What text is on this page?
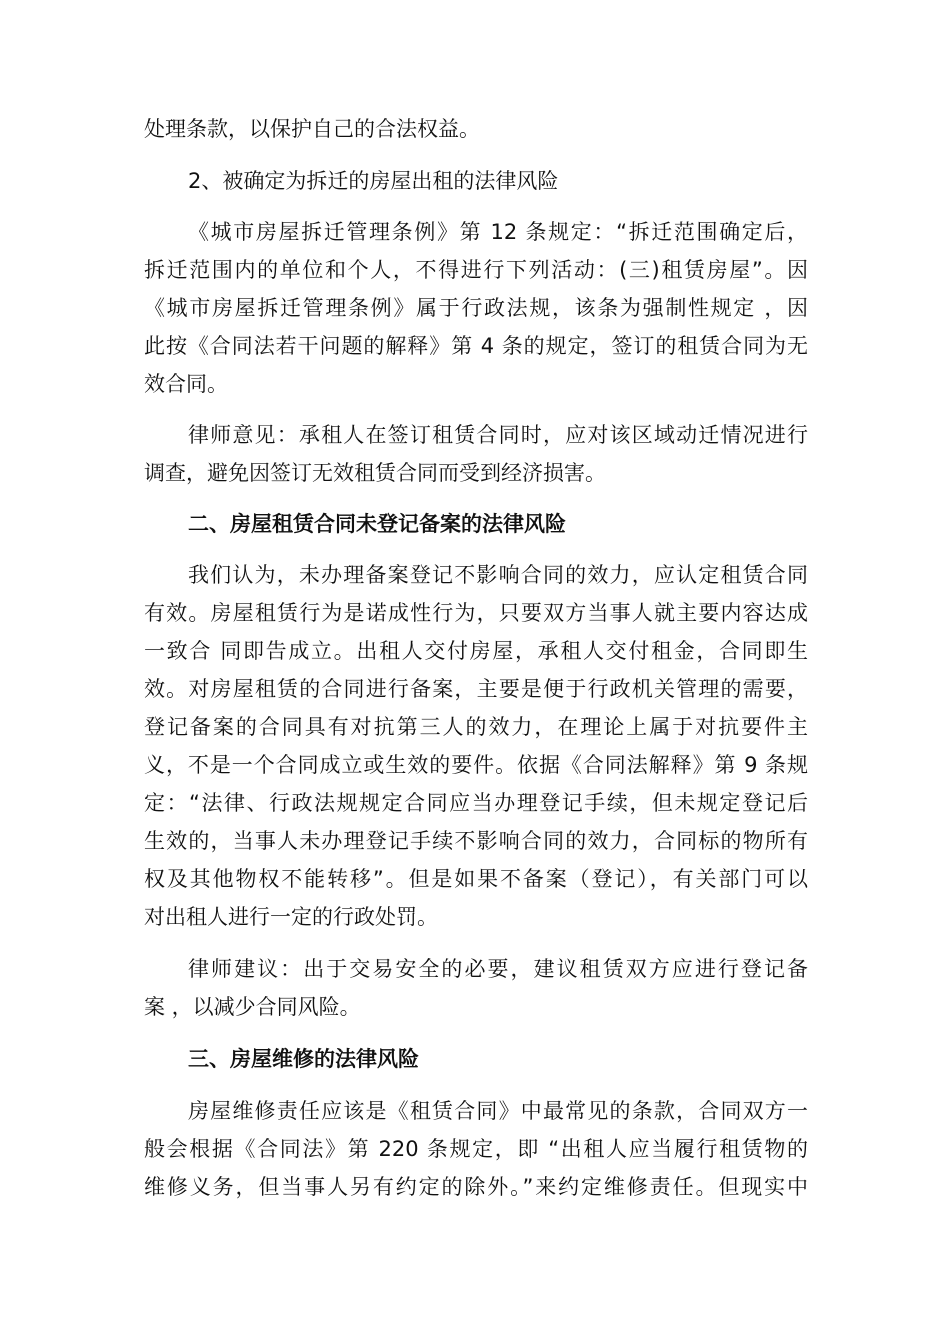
处理条款，以保护自己的合法权益。
2、被确定为拆迁的房屋出租的法律风险
《城市房屋拆迁管理条例》第 12 条规定：“拆迁范围确定后，
拆迁范围内的单位和个人，不得进行下列活动：(三)租赁房屋”。因
《城市房屋拆迁管理条例》属于行政法规，该条为强制性规定 ，因
此按《合同法若干问题的解释》第 4 条的规定，签订的租赁合同为无
效合同。
律师意见：承租人在签订租赁合同时，应对该区域动迁情况进行
调查，避免因签订无效租赁合同而受到经济损害。
二、房屋租赁合同未登记备案的法律风险
我们认为，未办理备案登记不影响合同的效力，应认定租赁合同
有效。房屋租赁行为是诺成性行为，只要双方当事人就主要内容达成
一致合 同即告成立。出租人交付房屋，承租人交付租金，合同即生
效。对房屋租赁的合同进行备案，主要是便于行政机关管理的需要，
登记备案的合同具有对抗第三人的效力，在理论上属于对抗要件主
义，不是一个合同成立或生效的要件。依据《合同法解释》第 9 条规
定：“法律、行政法规规定合同应当办理登记手续，但未规定登记后
生效的，当事人未办理登记手续不影响合同的效力，合同标的物所有
权及其他物权不能转移”。但是如果不备案（登记），有关部门可以
对出租人进行一定的行政处罚。
律师建议：出于交易安全的必要，建议租赁双方应进行登记备
案 ，以减少合同风险。
三、房屋维修的法律风险
房屋维修责任应该是《租赁合同》中最常见的条款，合同双方一
般会根据《合同法》第 220 条规定，即 “出租人应当履行租赁物的
维修义务，但当事人另有约定的除外。”来约定维修责任。但现实中
